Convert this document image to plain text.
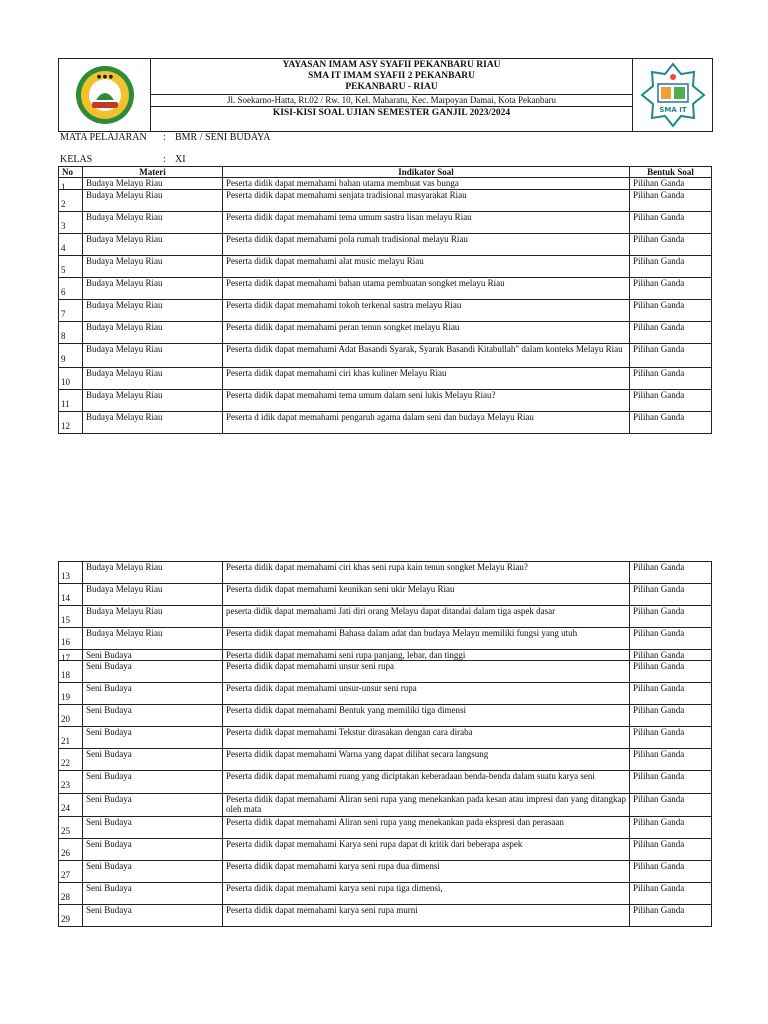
● ● ●
YAYASAN IMAM ASY SYAFII PEKANBARU RIAU
SMA IT IMAM SYAFII 2 PEKANBARU
PEKANBARU - RIAU
Jl. Soekarno-Hatta, Rt.02 / Rw. 10, Kel. Maharatu, Kec. Marpoyan Damai, Kota Pekanbaru
KISI-KISI SOAL UJIAN SEMESTER GANJIL 2023/2024	SMA IT
MATA PELAJARAN : BMR / SENI BUDAYA
KELAS	: XI
No	Materi	Indikator Soal	Bentuk Soal
1	Budaya Melayu Riau	Peserta didik dapat memahami bahan utama membuat vas bunga	Pilihan Ganda
2	Budaya Melayu Riau	Peserta didik dapat memahami senjata tradisional masyarakat Riau	Pilihan Ganda
3	Budaya Melayu Riau	Peserta didik dapat memahami tema umum sastra lisan melayu Riau	Pilihan Ganda
4	Budaya Melayu Riau	Peserta didik dapat memahami pola rumah tradisional melayu Riau	Pilihan Ganda
5	Budaya Melayu Riau	Peserta didik dapat memahami alat music melayu Riau	Pilihan Ganda
6	Budaya Melayu Riau	Peserta didik dapat memahami bahan utama pembuatan songket melayu Riau	Pilihan Ganda
7	Budaya Melayu Riau	Peserta didik dapat memahami tokoh terkenal sastra melayu Riau	Pilihan Ganda
8	Budaya Melayu Riau	Peserta didik dapat memahami peran tenun songket melayu Riau	Pilihan Ganda
9	Budaya Melayu Riau	Peserta didik dapat memahami Adat Basandi Syarak, Syarak Basandi Kitabullah" dalam konteks Melayu Riau	Pilihan Ganda
10	Budaya Melayu Riau	Peserta didik dapat memahami ciri khas kuliner Melayu Riau	Pilihan Ganda
11	Budaya Melayu Riau	Peserta didik dapat memahami tema umum dalam seni lukis Melayu Riau?	Pilihan Ganda
12	Budaya Melayu Riau	Peserta d idik dapat memahami pengaruh agama dalam seni dan budaya Melayu Riau	Pilihan Ganda
13	Budaya Melayu Riau	Peserta didik dapat memahami ciri khas seni rupa kain tenun songket Melayu Riau?	Pilihan Ganda
14	Budaya Melayu Riau	Peserta didik dapat memahami keunikan seni ukir Melayu Riau	Pilihan Ganda
15	Budaya Melayu Riau	peserta didik dapat memahami Jati diri orang Melayu dapat ditandai dalam tiga aspek dasar	Pilihan Ganda
16	Budaya Melayu Riau	Peserta didik dapat memahami Bahasa dalam adat dan budaya Melayu memiliki fungsi yang utuh	Pilihan Ganda
17	Seni Budaya	Peserta didik dapat memahami seni rupa panjang, lebar, dan tinggi	Pilihan Ganda
18	Seni Budaya	Peserta didik dapat memahami unsur seni rupa	Pilihan Ganda
19	Seni Budaya	Peserta didik dapat memahami unsur-unsur seni rupa	Pilihan Ganda
20	Seni Budaya	Peserta didik dapat memahami Bentuk yang memiliki tiga dimensi	Pilihan Ganda
21	Seni Budaya	Peserta didik dapat memahami Tekstur dirasakan dengan cara diraba	Pilihan Ganda
22	Seni Budaya	Peserta didik dapat memahami Warna yang dapat dilihat secara langsung	Pilihan Ganda
23	Seni Budaya	Peserta didik dapat memahami ruang yang diciptakan keberadaan benda-benda dalam suatu karya seni	Pilihan Ganda
24	Seni Budaya	Peserta didik dapat memahami Aliran seni rupa yang menekankan pada kesan atau impresi dan yang ditangkap oleh mata	Pilihan Ganda
25	Seni Budaya	Peserta didik dapat memahami Aliran seni rupa yang menekankan pada ekspresi dan perasaan	Pilihan Ganda
26	Seni Budaya	Peserta didik dapat memahami Karya seni rupa dapat di kritik dari beberapa aspek	Pilihan Ganda
27	Seni Budaya	Peserta didik dapat memahami karya seni rupa dua dimensi	Pilihan Ganda
28	Seni Budaya	Peserta didik dapat memahami karya seni rupa tiga dimensi,	Pilihan Ganda
29	Seni Budaya	Peserta didik dapat memahami karya seni rupa murni	Pilihan Ganda
